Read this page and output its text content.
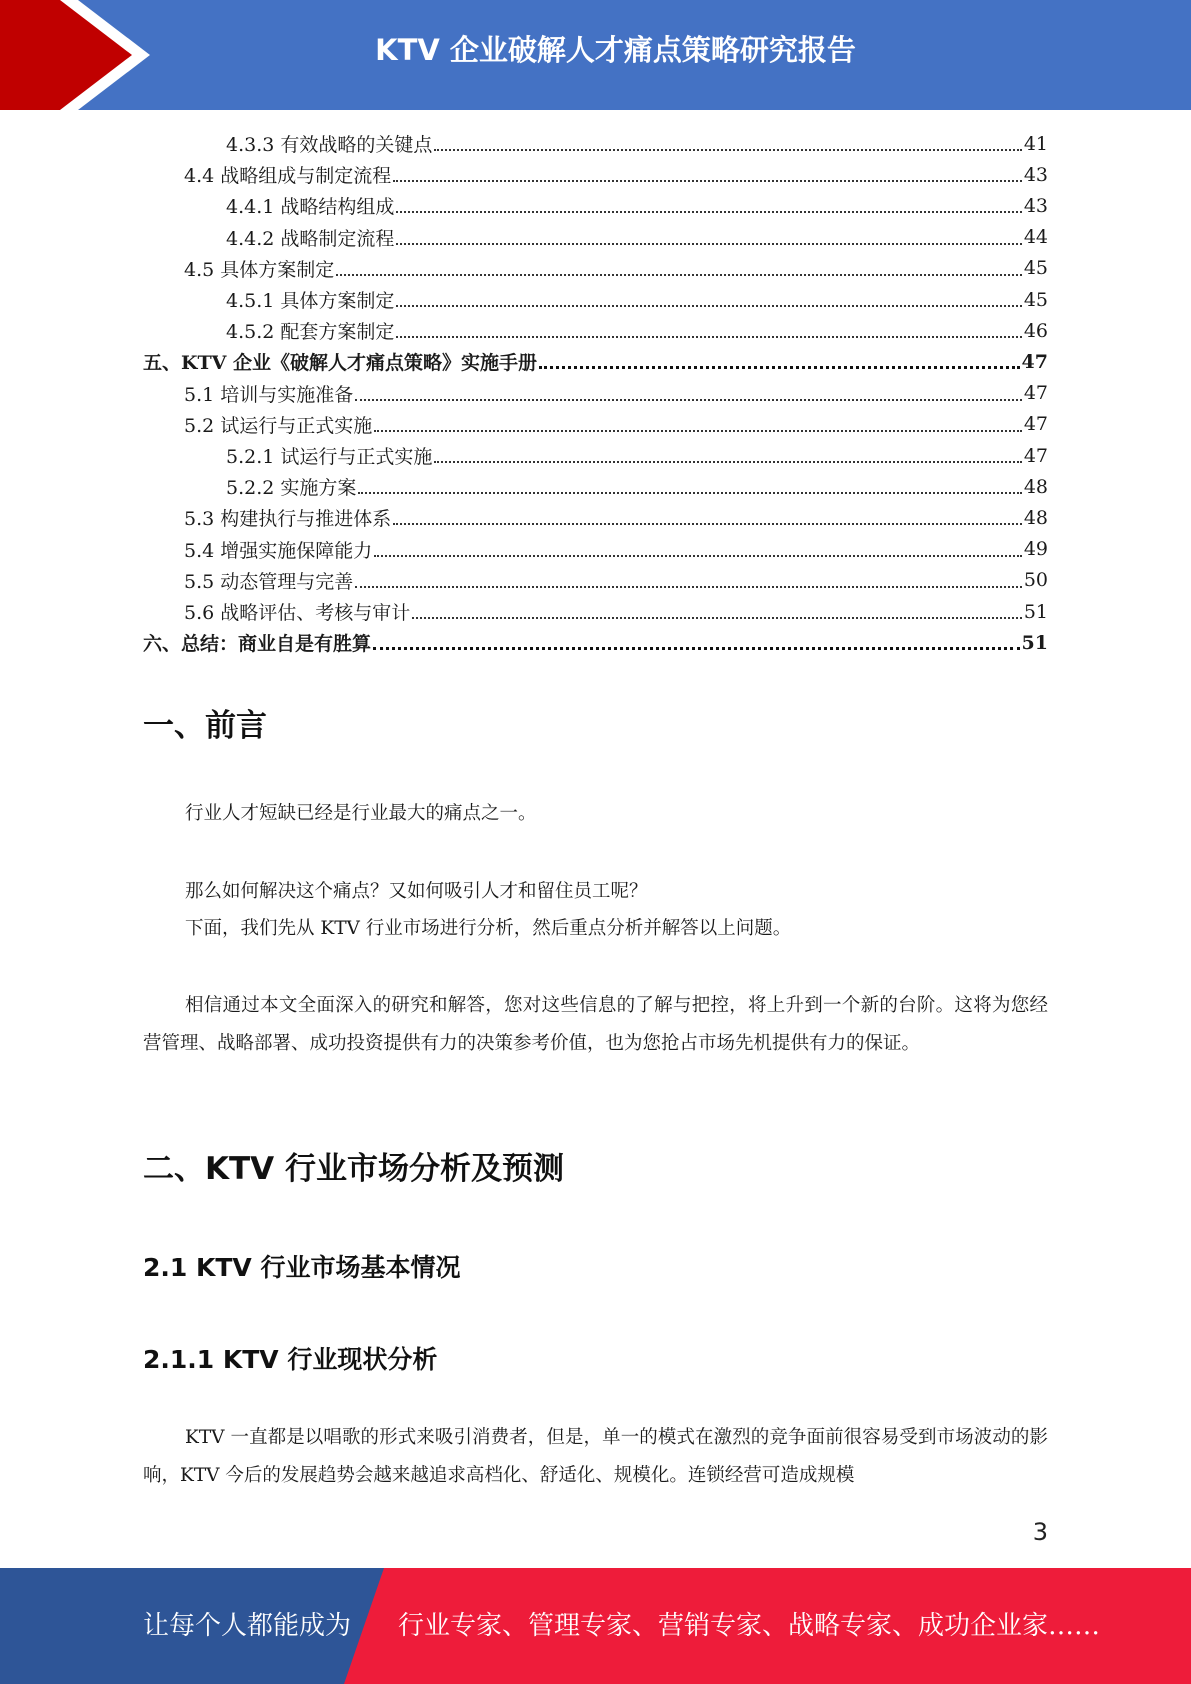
KTV 企业破解人才痛点策略研究报告
4.3.3 有效战略的关键点	41
4.4 战略组成与制定流程	43
4.4.1 战略结构组成	43
4.4.2 战略制定流程	44
4.5 具体方案制定	45
4.5.1 具体方案制定	45
4.5.2 配套方案制定	46
五、KTV 企业《破解人才痛点策略》实施手册	47
5.1 培训与实施准备	47
5.2 试运行与正式实施	47
5.2.1 试运行与正式实施	47
5.2.2 实施方案	48
5.3 构建执行与推进体系	48
5.4 增强实施保障能力	49
5.5 动态管理与完善	50
5.6 战略评估、考核与审计	51
六、总结：商业自是有胜算	51
一、前言

行业人才短缺已经是行业最大的痛点之一。

那么如何解决这个痛点？又如何吸引人才和留住员工呢？

下面，我们先从 KTV 行业市场进行分析，然后重点分析并解答以上问题。

相信通过本文全面深入的研究和解答，您对这些信息的了解与把控，将上升到一个新的台阶。这将为您经营管理、战略部署、成功投资提供有力的决策参考价值，也为您抢占市场先机提供有力的保证。

二、KTV 行业市场分析及预测
2.1 KTV 行业市场基本情况
2.1.1 KTV 行业现状分析

KTV 一直都是以唱歌的形式来吸引消费者，但是，单一的模式在激烈的竞争面前很容易受到市场波动的影响，KTV 今后的发展趋势会越来越追求高档化、舒适化、规模化。连锁经营可造成规模

3
让每个人都能成为 行业专家、管理专家、营销专家、战略专家、成功企业家……
